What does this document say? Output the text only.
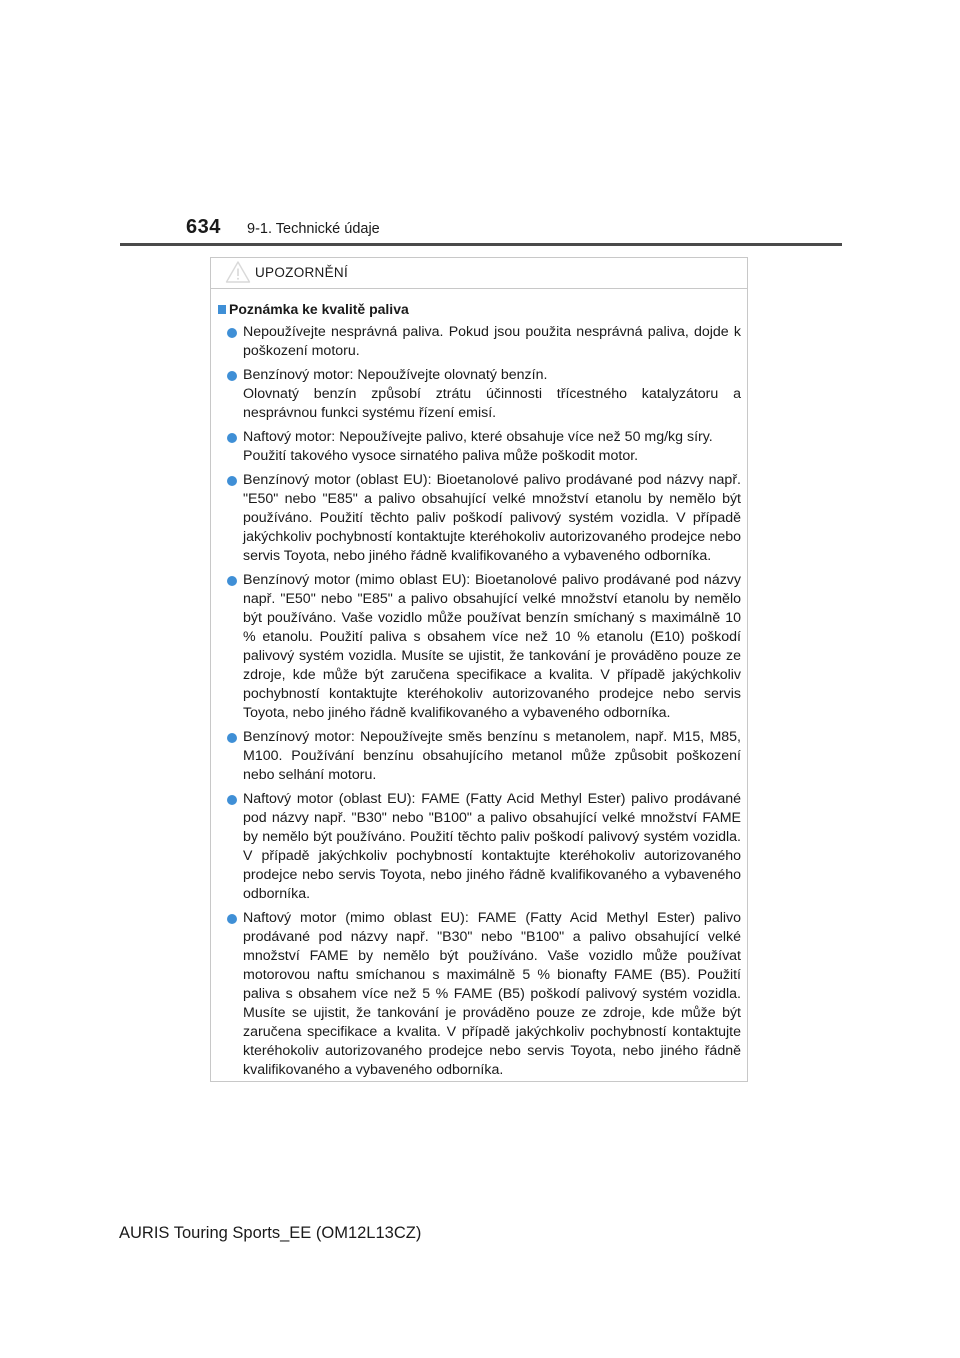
634 9-1. Technické údaje
UPOZORNĚNÍ
Poznámka ke kvalitě paliva
Nepoužívejte nesprávná paliva. Pokud jsou použita nesprávná paliva, dojde k poškození motoru.
Benzínový motor: Nepoužívejte olovnatý benzín.
Olovnatý benzín způsobí ztrátu účinnosti třícestného katalyzátoru a nesprávnou funkci systému řízení emisí.
Naftový motor: Nepoužívejte palivo, které obsahuje více než 50 mg/kg síry.
Použití takového vysoce sirnatého paliva může poškodit motor.
Benzínový motor (oblast EU): Bioetanolové palivo prodávané pod názvy např. "E50" nebo "E85" a palivo obsahující velké množství etanolu by nemělo být používáno. Použití těchto paliv poškodí palivový systém vozidla. V případě jakýchkoliv pochybností kontaktujte kteréhokoliv autorizovaného prodejce nebo servis Toyota, nebo jiného řádně kvalifikovaného a vybaveného odborníka.
Benzínový motor (mimo oblast EU): Bioetanolové palivo prodávané pod názvy např. "E50" nebo "E85" a palivo obsahující velké množství etanolu by nemělo být používáno. Vaše vozidlo může používat benzín smíchaný s maximálně 10 % etanolu. Použití paliva s obsahem více než 10 % etanolu (E10) poškodí palivový systém vozidla. Musíte se ujistit, že tankování je prováděno pouze ze zdroje, kde může být zaručena specifikace a kvalita. V případě jakýchkoliv pochybností kontaktujte kteréhokoliv autorizovaného prodejce nebo servis Toyota, nebo jiného řádně kvalifikovaného a vybaveného odborníka.
Benzínový motor: Nepoužívejte směs benzínu s metanolem, např. M15, M85, M100. Používání benzínu obsahujícího metanol může způsobit poškození nebo selhání motoru.
Naftový motor (oblast EU): FAME (Fatty Acid Methyl Ester) palivo prodávané pod názvy např. "B30" nebo "B100" a palivo obsahující velké množství FAME by nemělo být používáno. Použití těchto paliv poškodí palivový systém vozidla. V případě jakýchkoliv pochybností kontaktujte kteréhokoliv autorizovaného prodejce nebo servis Toyota, nebo jiného řádně kvalifikovaného a vybaveného odborníka.
Naftový motor (mimo oblast EU): FAME (Fatty Acid Methyl Ester) palivo prodávané pod názvy např. "B30" nebo "B100" a palivo obsahující velké množství FAME by nemělo být používáno. Vaše vozidlo může používat motorovou naftu smíchanou s maximálně 5 % bionafty FAME (B5). Použití paliva s obsahem více než 5 % FAME (B5) poškodí palivový systém vozidla. Musíte se ujistit, že tankování je prováděno pouze ze zdroje, kde může být zaručena specifikace a kvalita. V případě jakýchkoliv pochybností kontaktujte kteréhokoliv autorizovaného prodejce nebo servis Toyota, nebo jiného řádně kvalifikovaného a vybaveného odborníka.
AURIS Touring Sports_EE (OM12L13CZ)
